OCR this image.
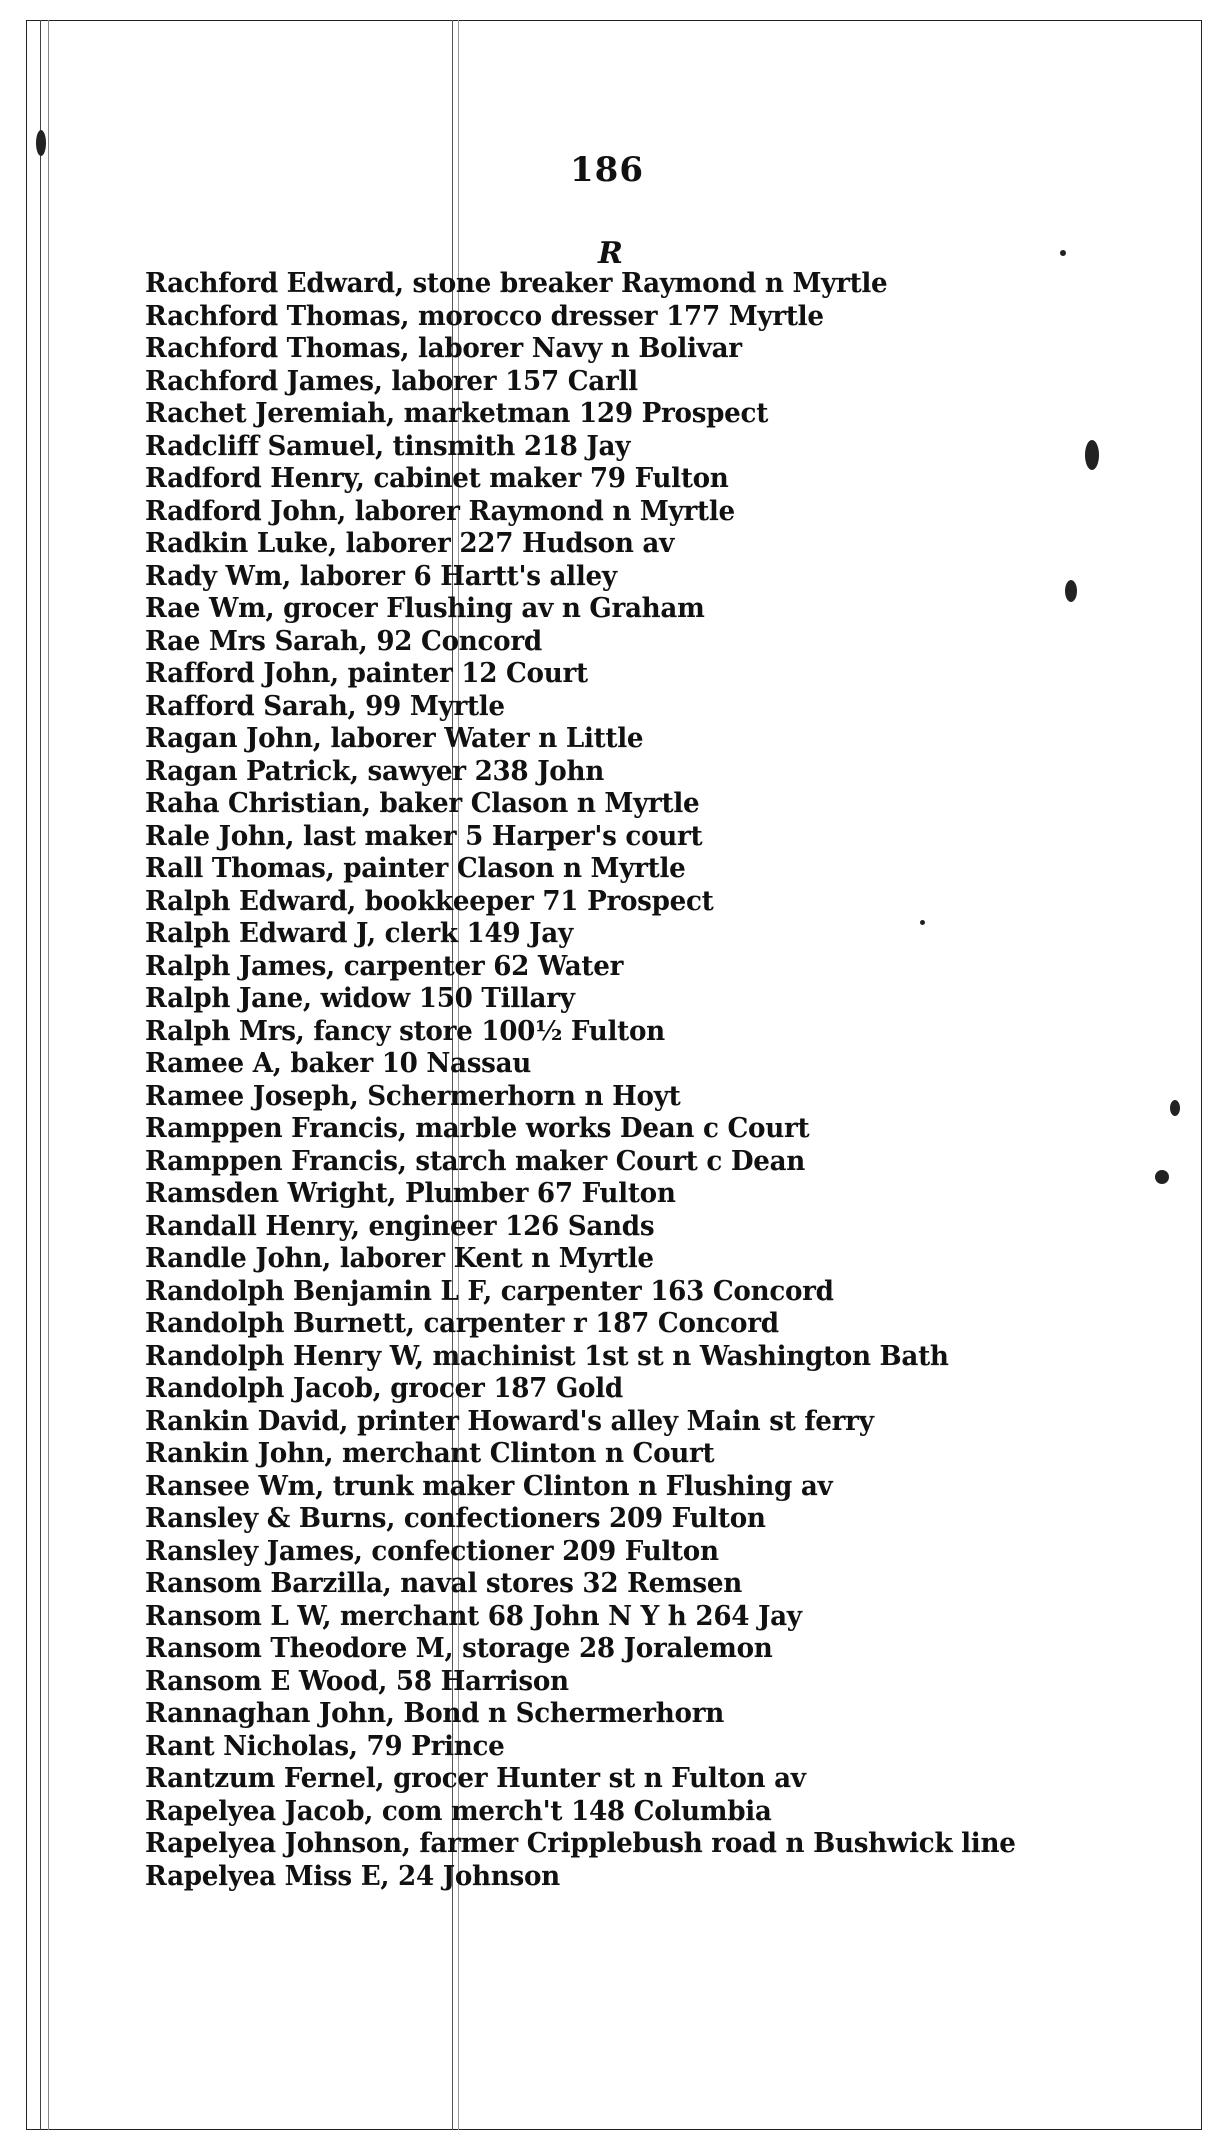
186
R
Rachford Edward, stone breaker Raymond n Myrtle
Rachford Thomas, morocco dresser 177 Myrtle
Rachford Thomas, laborer Navy n Bolivar
Rachford James, laborer 157 Carll
Rachet Jeremiah, marketman 129 Prospect
Radcliff Samuel, tinsmith 218 Jay
Radford Henry, cabinet maker 79 Fulton
Radford John, laborer Raymond n Myrtle
Radkin Luke, laborer 227 Hudson av
Rady Wm, laborer 6 Hartt's alley
Rae Wm, grocer Flushing av n Graham
Rae Mrs Sarah, 92 Concord
Rafford John, painter 12 Court
Rafford Sarah, 99 Myrtle
Ragan John, laborer Water n Little
Ragan Patrick, sawyer 238 John
Raha Christian, baker Clason n Myrtle
Rale John, last maker 5 Harper's court
Rall Thomas, painter Clason n Myrtle
Ralph Edward, bookkeeper 71 Prospect
Ralph Edward J, clerk 149 Jay
Ralph James, carpenter 62 Water
Ralph Jane, widow 150 Tillary
Ralph Mrs, fancy store 100½ Fulton
Ramee A, baker 10 Nassau
Ramee Joseph, Schermerhorn n Hoyt
Ramppen Francis, marble works Dean c Court
Ramppen Francis, starch maker Court c Dean
Ramsden Wright, Plumber 67 Fulton
Randall Henry, engineer 126 Sands
Randle John, laborer Kent n Myrtle
Randolph Benjamin L F, carpenter 163 Concord
Randolph Burnett, carpenter r 187 Concord
Randolph Henry W, machinist 1st st n Washington Bath
Randolph Jacob, grocer 187 Gold
Rankin David, printer Howard's alley Main st ferry
Rankin John, merchant Clinton n Court
Ransee Wm, trunk maker Clinton n Flushing av
Ransley & Burns, confectioners 209 Fulton
Ransley James, confectioner 209 Fulton
Ransom Barzilla, naval stores 32 Remsen
Ransom L W, merchant 68 John N Y h 264 Jay
Ransom Theodore M, storage 28 Joralemon
Ransom E Wood, 58 Harrison
Rannaghan John, Bond n Schermerhorn
Rant Nicholas, 79 Prince
Rantzum Fernel, grocer Hunter st n Fulton av
Rapelyea Jacob, com merch't 148 Columbia
Rapelyea Johnson, farmer Cripplebush road n Bushwick line
Rapelyea Miss E, 24 Johnson
